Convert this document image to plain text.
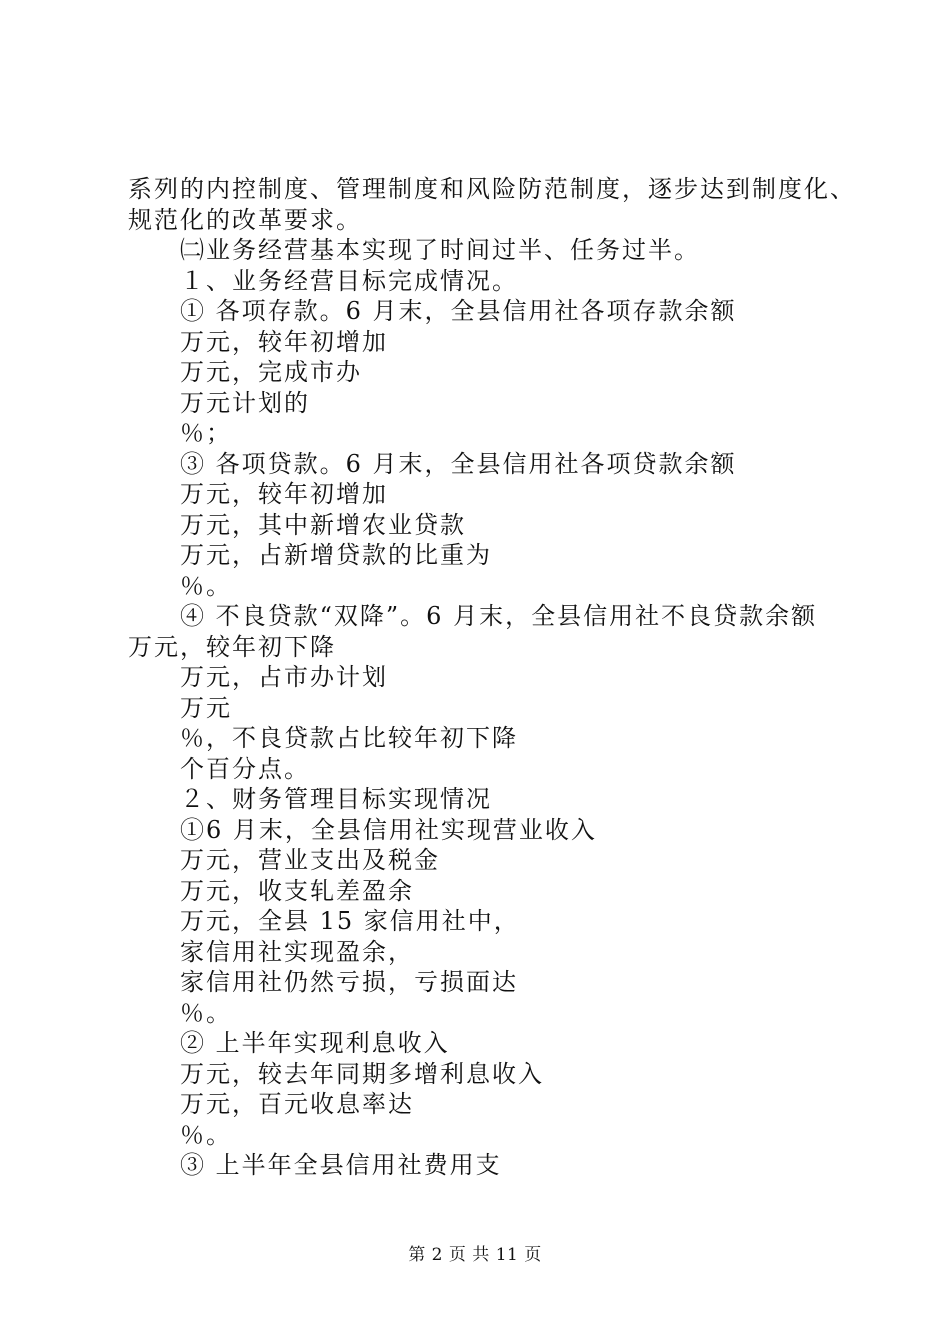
系列的内控制度、管理制度和风险防范制度，逐步达到制度化、
规范化的改革要求。
㈡业务经营基本实现了时间过半、任务过半。
１、业务经营目标完成情况。
① 各项存款。6 月末，全县信用社各项存款余额
万元，较年初增加
万元，完成市办
万元计划的
％；
③ 各项贷款。6 月末，全县信用社各项贷款余额
万元，较年初增加
万元，其中新增农业贷款
万元，占新增贷款的比重为
％。
④ 不良贷款“双降”。6 月末，全县信用社不良贷款余额
万元，较年初下降
万元，占市办计划
万元
％，不良贷款占比较年初下降
个百分点。
２、财务管理目标实现情况
①6 月末，全县信用社实现营业收入
万元，营业支出及税金
万元，收支轧差盈余
万元，全县 15 家信用社中，
家信用社实现盈余，
家信用社仍然亏损，亏损面达
％。
② 上半年实现利息收入
万元，较去年同期多增利息收入
万元，百元收息率达
％。
③ 上半年全县信用社费用支
第 2 页 共 11 页
